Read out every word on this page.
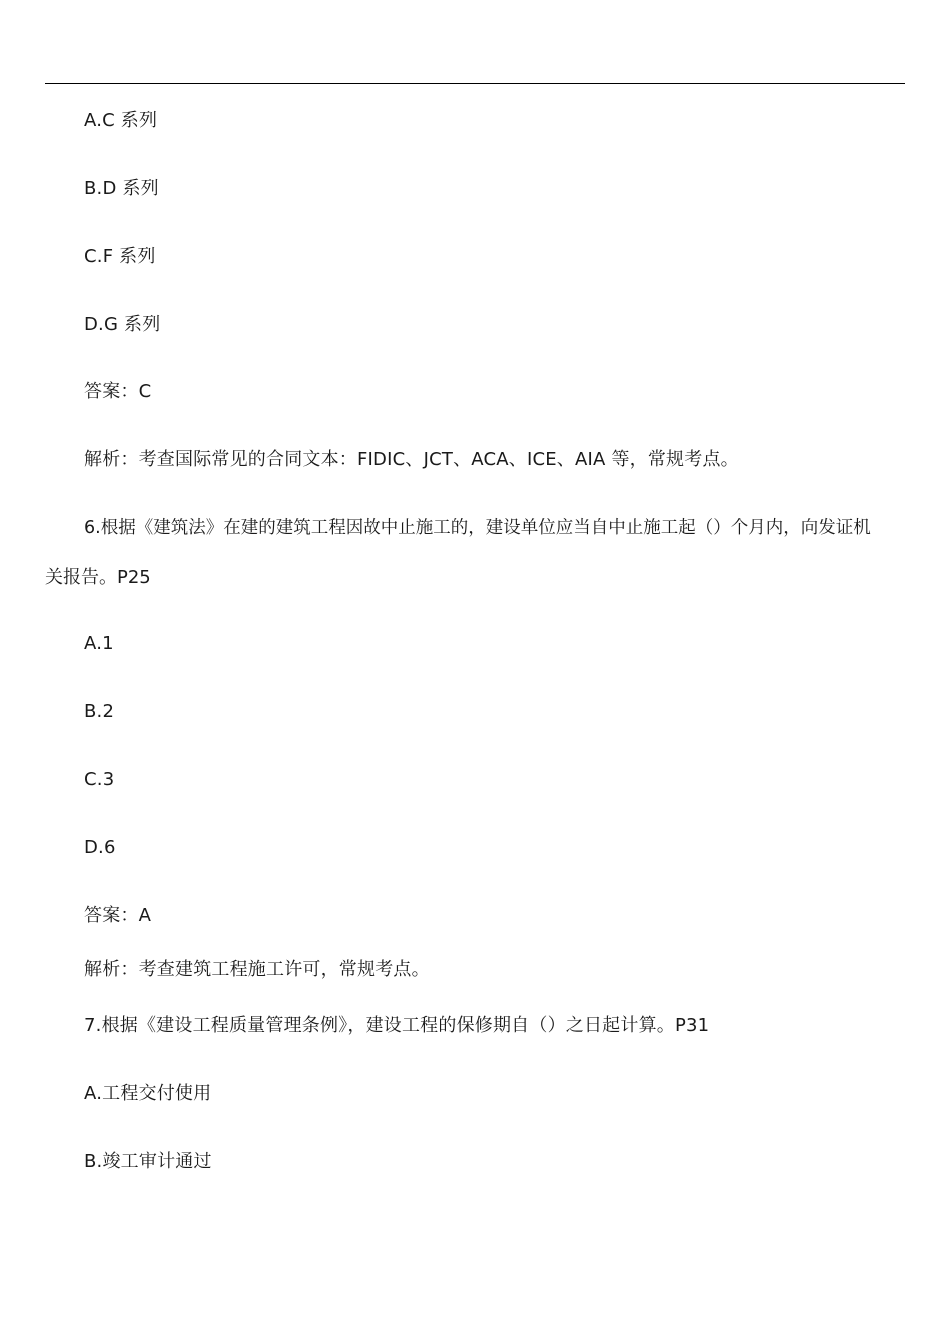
A.C 系列
B.D 系列
C.F 系列
D.G 系列
答案：C
解析：考查国际常见的合同文本：FIDIC、JCT、ACA、ICE、AIA 等，常规考点。
6.根据《建筑法》在建的建筑工程因故中止施工的，建设单位应当自中止施工起（）个月内，向发证机
关报告。P25
A.1
B.2
C.3
D.6
答案：A
解析：考查建筑工程施工许可，常规考点。
7.根据《建设工程质量管理条例》，建设工程的保修期自（）之日起计算。P31
A.工程交付使用
B.竣工审计通过
